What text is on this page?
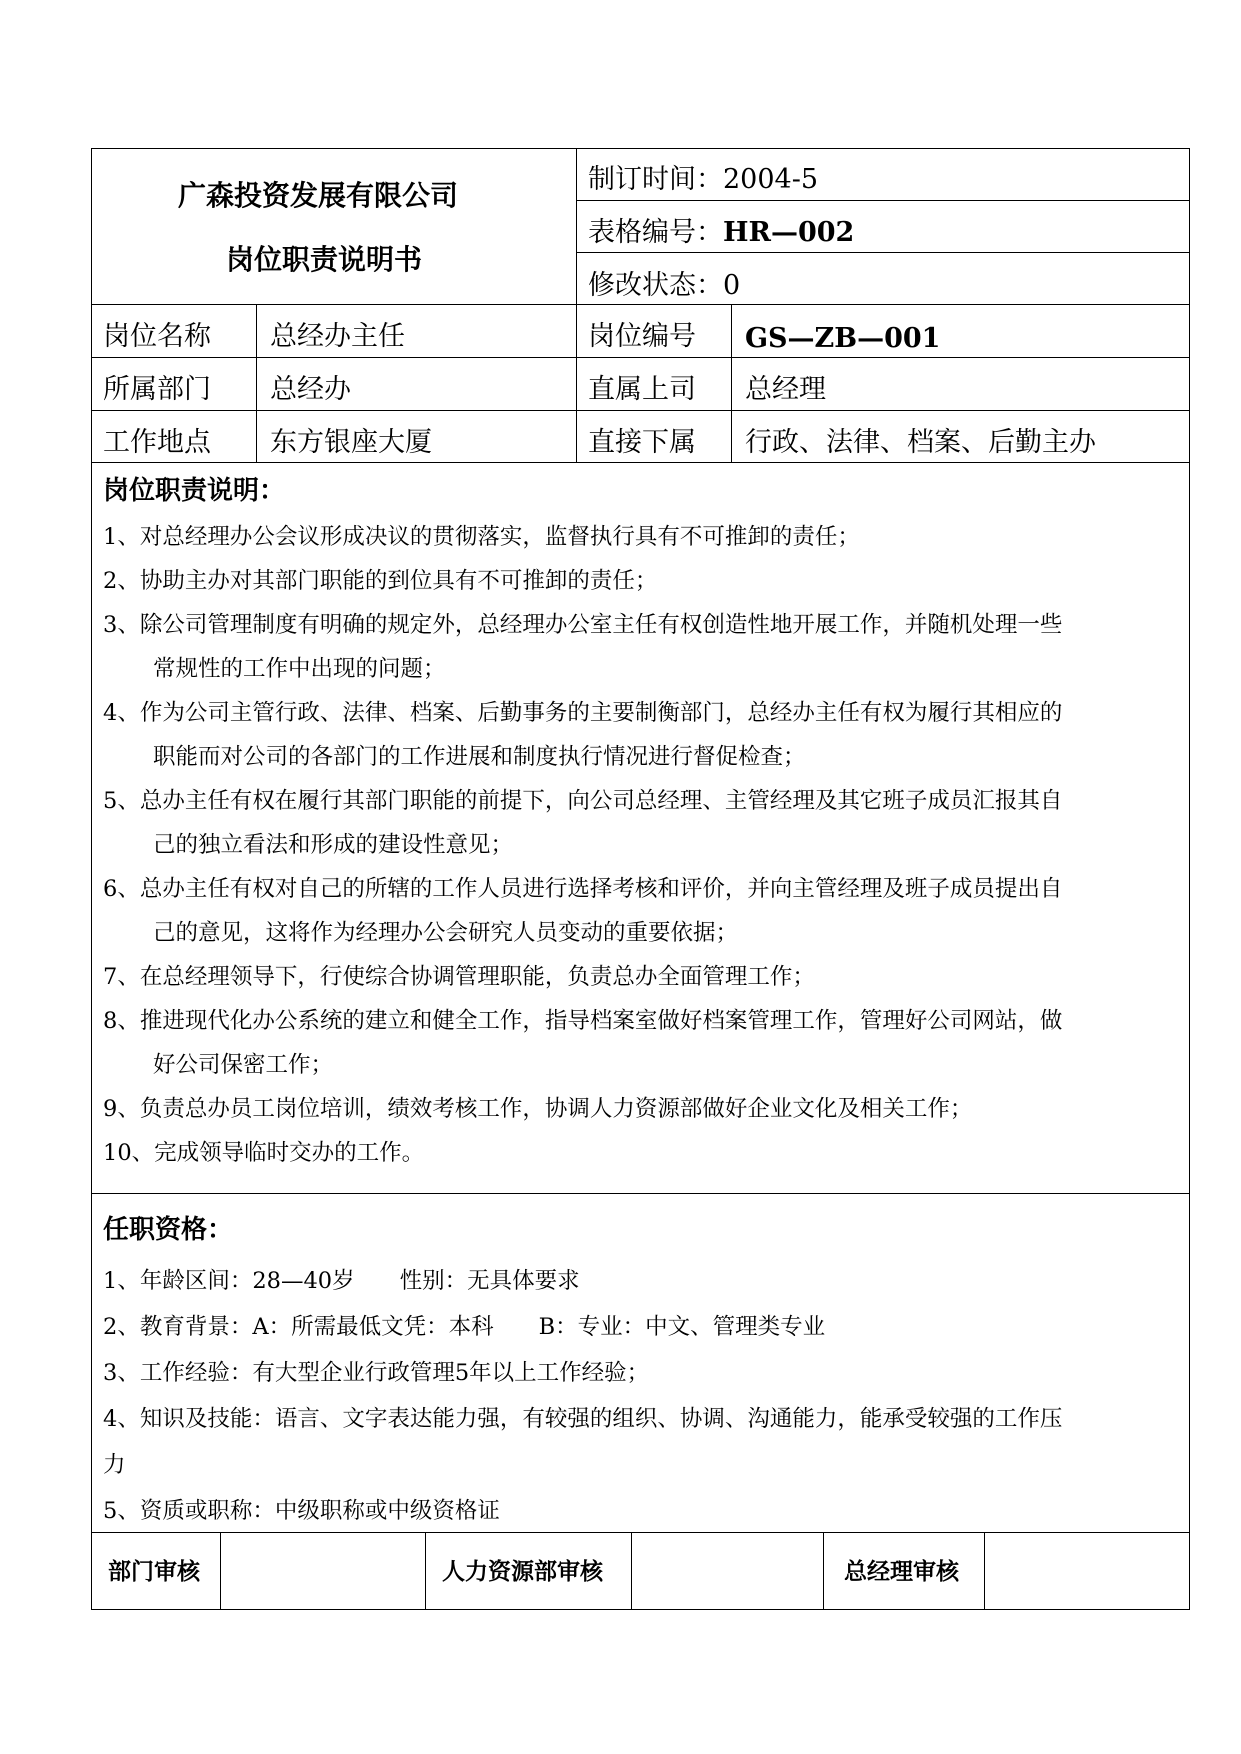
广森投资发展有限公司
岗位职责说明书
制订时间：2004-5
表格编号：HR—002
修改状态：0
岗位名称 总经办主任	岗位编号 GS—ZB—001
所属部门 总经办	直属上司 总经理
工作地点 东方银座大厦	直接下属 行政、法律、档案、后勤主办
岗位职责说明：
1、对总经理办公会议形成决议的贯彻落实，监督执行具有不可推卸的责任；
2、协助主办对其部门职能的到位具有不可推卸的责任；
3、除公司管理制度有明确的规定外，总经理办公室主任有权创造性地开展工作，并随机处理一些
常规性的工作中出现的问题；
4、作为公司主管行政、法律、档案、后勤事务的主要制衡部门，总经办主任有权为履行其相应的
职能而对公司的各部门的工作进展和制度执行情况进行督促检查；
5、总办主任有权在履行其部门职能的前提下，向公司总经理、主管经理及其它班子成员汇报其自
己的独立看法和形成的建设性意见；
6、总办主任有权对自己的所辖的工作人员进行选择考核和评价，并向主管经理及班子成员提出自
己的意见，这将作为经理办公会研究人员变动的重要依据；
7、在总经理领导下，行使综合协调管理职能，负责总办全面管理工作；
8、推进现代化办公系统的建立和健全工作，指导档案室做好档案管理工作，管理好公司网站，做
好公司保密工作；
9、负责总办员工岗位培训，绩效考核工作，协调人力资源部做好企业文化及相关工作；
10、完成领导临时交办的工作。
任职资格：
1、年龄区间：28—40岁　　性别：无具体要求
2、教育背景：A：所需最低文凭：本科　　B：专业：中文、管理类专业
3、工作经验：有大型企业行政管理5年以上工作经验；
4、知识及技能：语言、文字表达能力强，有较强的组织、协调、沟通能力，能承受较强的工作压
力
5、资质或职称：中级职称或中级资格证
部门审核	人力资源部审核	总经理审核
